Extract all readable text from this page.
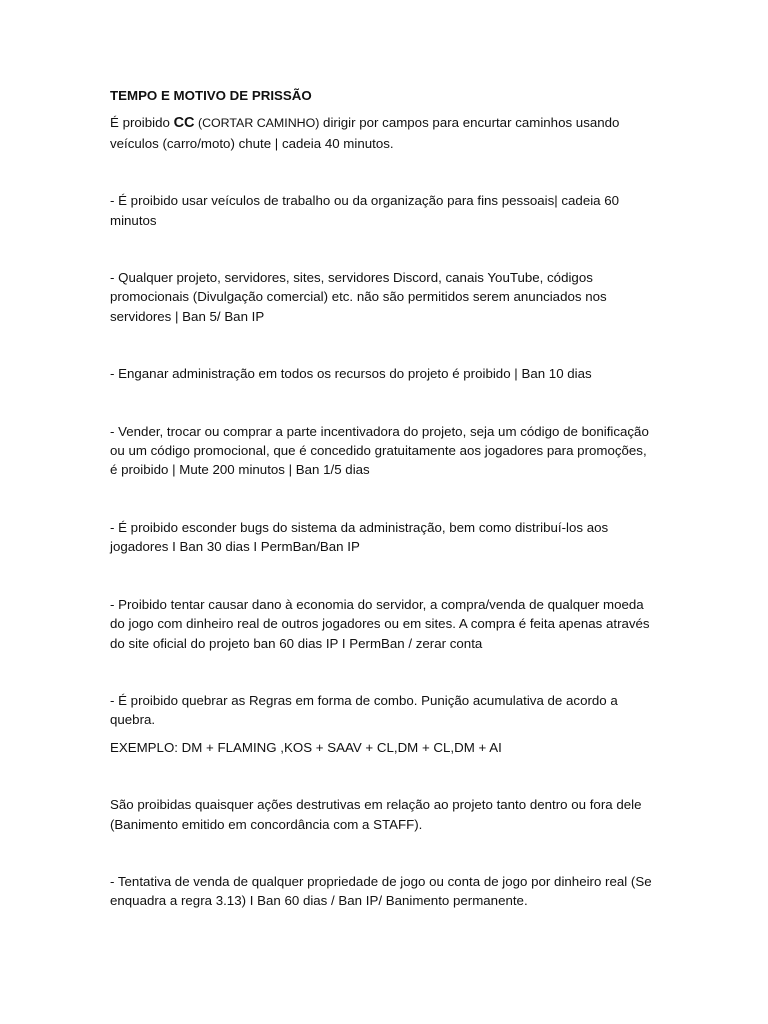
TEMPO E MOTIVO DE PRISSÃO

É proibido CC (CORTAR CAMINHO) dirigir por campos para encurtar caminhos usando veículos (carro/moto) chute | cadeia 40 minutos.

- É proibido usar veículos de trabalho ou da organização para fins pessoais| cadeia 60 minutos

- Qualquer projeto, servidores, sites, servidores Discord, canais YouTube, códigos promocionais (Divulgação comercial) etc. não são permitidos serem anunciados nos servidores | Ban 5/ Ban IP

- Enganar administração em todos os recursos do projeto é proibido | Ban 10 dias

- Vender, trocar ou comprar a parte incentivadora do projeto, seja um código de bonificação ou um código promocional, que é concedido gratuitamente aos jogadores para promoções, é proibido | Mute 200 minutos | Ban 1/5 dias

- É proibido esconder bugs do sistema da administração, bem como distribuí-los aos jogadores I Ban 30 dias I PermBan/Ban IP

- Proibido tentar causar dano à economia do servidor, a compra/venda de qualquer moeda do jogo com dinheiro real de outros jogadores ou em sites. A compra é feita apenas através do site oficial do projeto ban 60 dias IP I PermBan / zerar conta

- É proibido quebrar as Regras em forma de combo. Punição acumulativa de acordo a quebra.

EXEMPLO: DM + FLAMING ,KOS + SAAV + CL,DM + CL,DM + AI

São proibidas quaisquer ações destrutivas em relação ao projeto tanto dentro ou fora dele (Banimento emitido em concordância com a STAFF).

- Tentativa de venda de qualquer propriedade de jogo ou conta de jogo por dinheiro real (Se enquadra a regra 3.13) I Ban 60 dias / Ban IP/ Banimento permanente.
